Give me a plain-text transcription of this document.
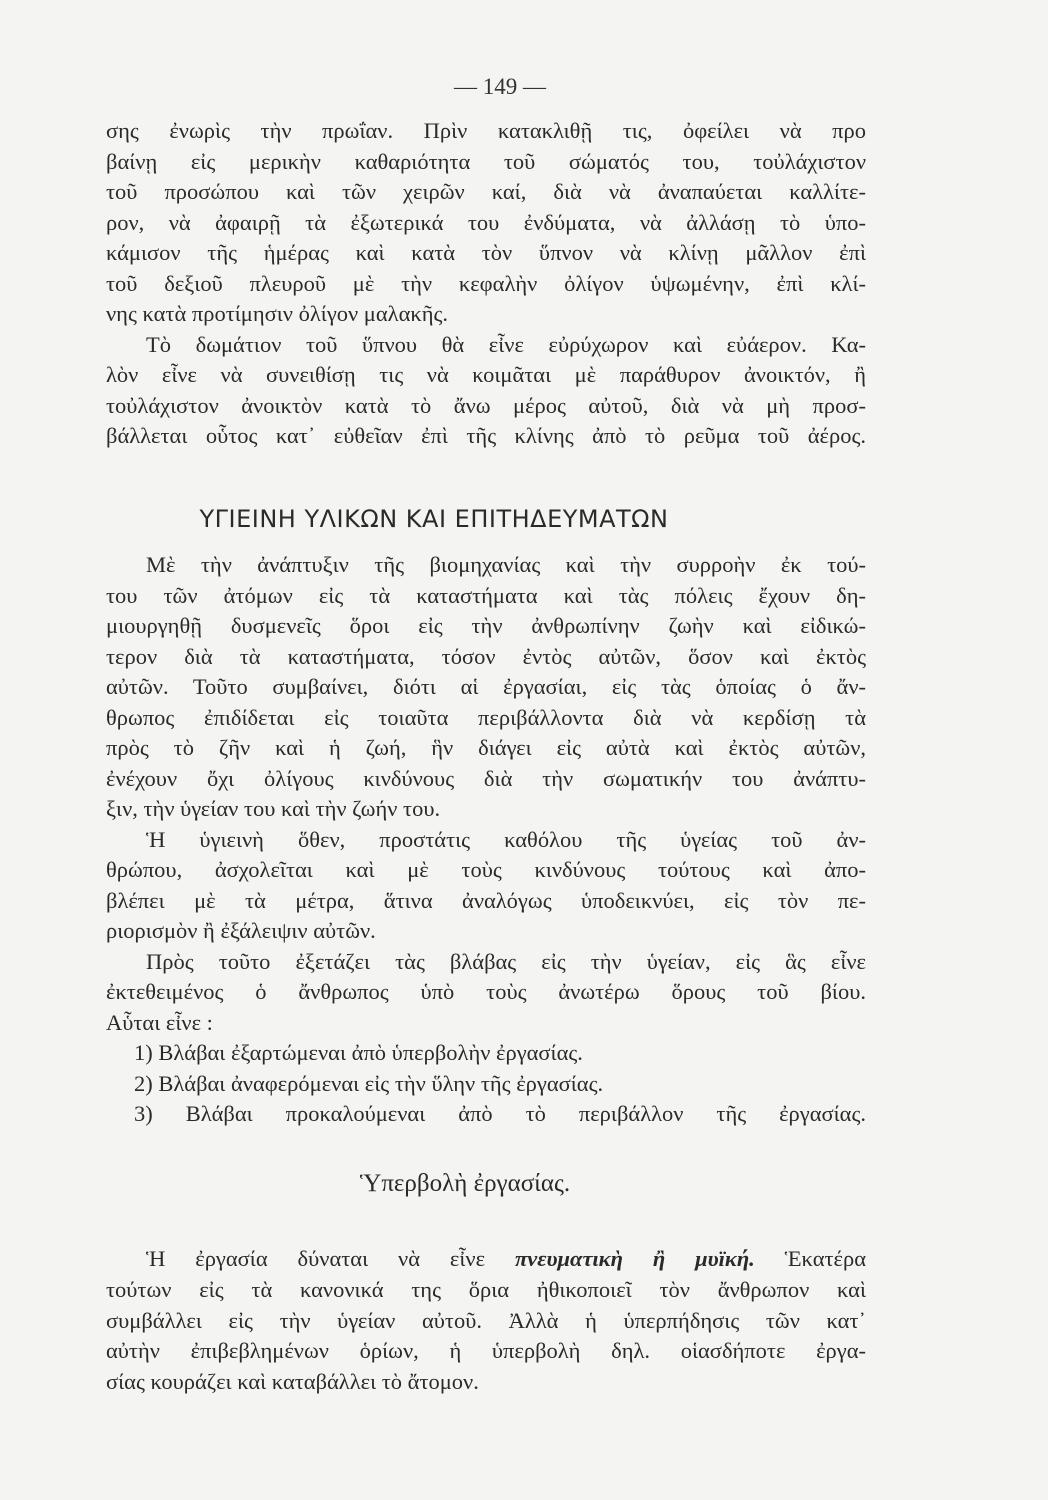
— 149 —
σης ἐνωρὶς τὴν πρωΐαν. Πρὶν κατακλιθῇ τις, ὀφείλει νὰ προ
βαίνῃ εἰς μερικὴν καθαριότητα τοῦ σώματός του, τοὐλάχιστον
τοῦ προσώπου καὶ τῶν χειρῶν καί, διὰ νὰ ἀναπαύεται καλλίτε-
ρον, νὰ ἀφαιρῇ τὰ ἐξωτερικά του ἐνδύματα, νὰ ἀλλάσῃ τὸ ὑπο-
κάμισον τῆς ἡμέρας καὶ κατὰ τὸν ὕπνον νὰ κλίνῃ μᾶλλον ἐπὶ
τοῦ δεξιοῦ πλευροῦ μὲ τὴν κεφαλὴν ὀλίγον ὑψωμένην, ἐπὶ κλί-
νης κατὰ προτίμησιν ὀλίγον μαλακῆς.
Τὸ δωμάτιον τοῦ ὕπνου θὰ εἶνε εὐρύχωρον καὶ εὐάερον. Κα-
λὸν εἶνε νὰ συνειθίσῃ τις νὰ κοιμᾶται μὲ παράθυρον ἀνοικτόν, ἢ
τοὐλάχιστον ἀνοικτὸν κατὰ τὸ ἄνω μέρος αὐτοῦ, διὰ νὰ μὴ προσ-
βάλλεται οὗτος κατ᾿ εὐθεῖαν ἐπὶ τῆς κλίνης ἀπὸ τὸ ρεῦμα τοῦ ἀέρος.
ΥΓΙΕΙΝΗ ΥΛΙΚΩΝ ΚΑΙ ΕΠΙΤΗΔΕΥΜΑΤΩΝ
Μὲ τὴν ἀνάπτυξιν τῆς βιομηχανίας καὶ τὴν συρροὴν ἐκ τού-
του τῶν ἀτόμων εἰς τὰ καταστήματα καὶ τὰς πόλεις ἔχουν δη-
μιουργηθῇ δυσμενεῖς ὅροι εἰς τὴν ἀνθρωπίνην ζωὴν καὶ εἰδικώ-
τερον διὰ τὰ καταστήματα, τόσον ἐντὸς αὐτῶν, ὅσον καὶ ἐκτὸς
αὐτῶν. Τοῦτο συμβαίνει, διότι αἱ ἐργασίαι, εἰς τὰς ὁποίας ὁ ἄν-
θρωπος ἐπιδίδεται εἰς τοιαῦτα περιβάλλοντα διὰ νὰ κερδίσῃ τὰ
πρὸς τὸ ζῆν καὶ ἡ ζωή, ἣν διάγει εἰς αὐτὰ καὶ ἐκτὸς αὐτῶν,
ἐνέχουν ὄχι ὀλίγους κινδύνους διὰ τὴν σωματικήν του ἀνάπτυ-
ξιν, τὴν ὑγείαν του καὶ τὴν ζωήν του.
Ἡ ὑγιεινὴ ὅθεν, προστάτις καθόλου τῆς ὑγείας τοῦ ἀν-
θρώπου, ἀσχολεῖται καὶ μὲ τοὺς κινδύνους τούτους καὶ ἀπο-
βλέπει μὲ τὰ μέτρα, ἅτινα ἀναλόγως ὑποδεικνύει, εἰς τὸν πε-
ριορισμὸν ἢ ἐξάλειψιν αὐτῶν.
Πρὸς τοῦτο ἐξετάζει τὰς βλάβας εἰς τὴν ὑγείαν, εἰς ἃς εἶνε
ἐκτεθειμένος ὁ ἄνθρωπος ὑπὸ τοὺς ἀνωτέρω ὅρους τοῦ βίου.
Αὗται εἶνε :
1) Βλάβαι ἐξαρτώμεναι ἀπὸ ὑπερβολὴν ἐργασίας.
2) Βλάβαι ἀναφερόμεναι εἰς τὴν ὕλην τῆς ἐργασίας.
3) Βλάβαι προκαλούμεναι ἀπὸ τὸ περιβάλλον τῆς ἐργασίας.
Ὑπερβολὴ ἐργασίας.
Ἡ ἐργασία δύναται νὰ εἶνε πνευματικὴ ἢ μυϊκή. Ἑκατέρα
τούτων εἰς τὰ κανονικά της ὅρια ἠθικοποιεῖ τὸν ἄνθρωπον καὶ
συμβάλλει εἰς τὴν ὑγείαν αὐτοῦ. Ἀλλὰ ἡ ὑπερπήδησις τῶν κατ᾿
αὐτὴν ἐπιβεβλημένων ὁρίων, ἡ ὑπερβολὴ δηλ. οἱασδήποτε ἐργα-
σίας κουράζει καὶ καταβάλλει τὸ ἄτομον.
